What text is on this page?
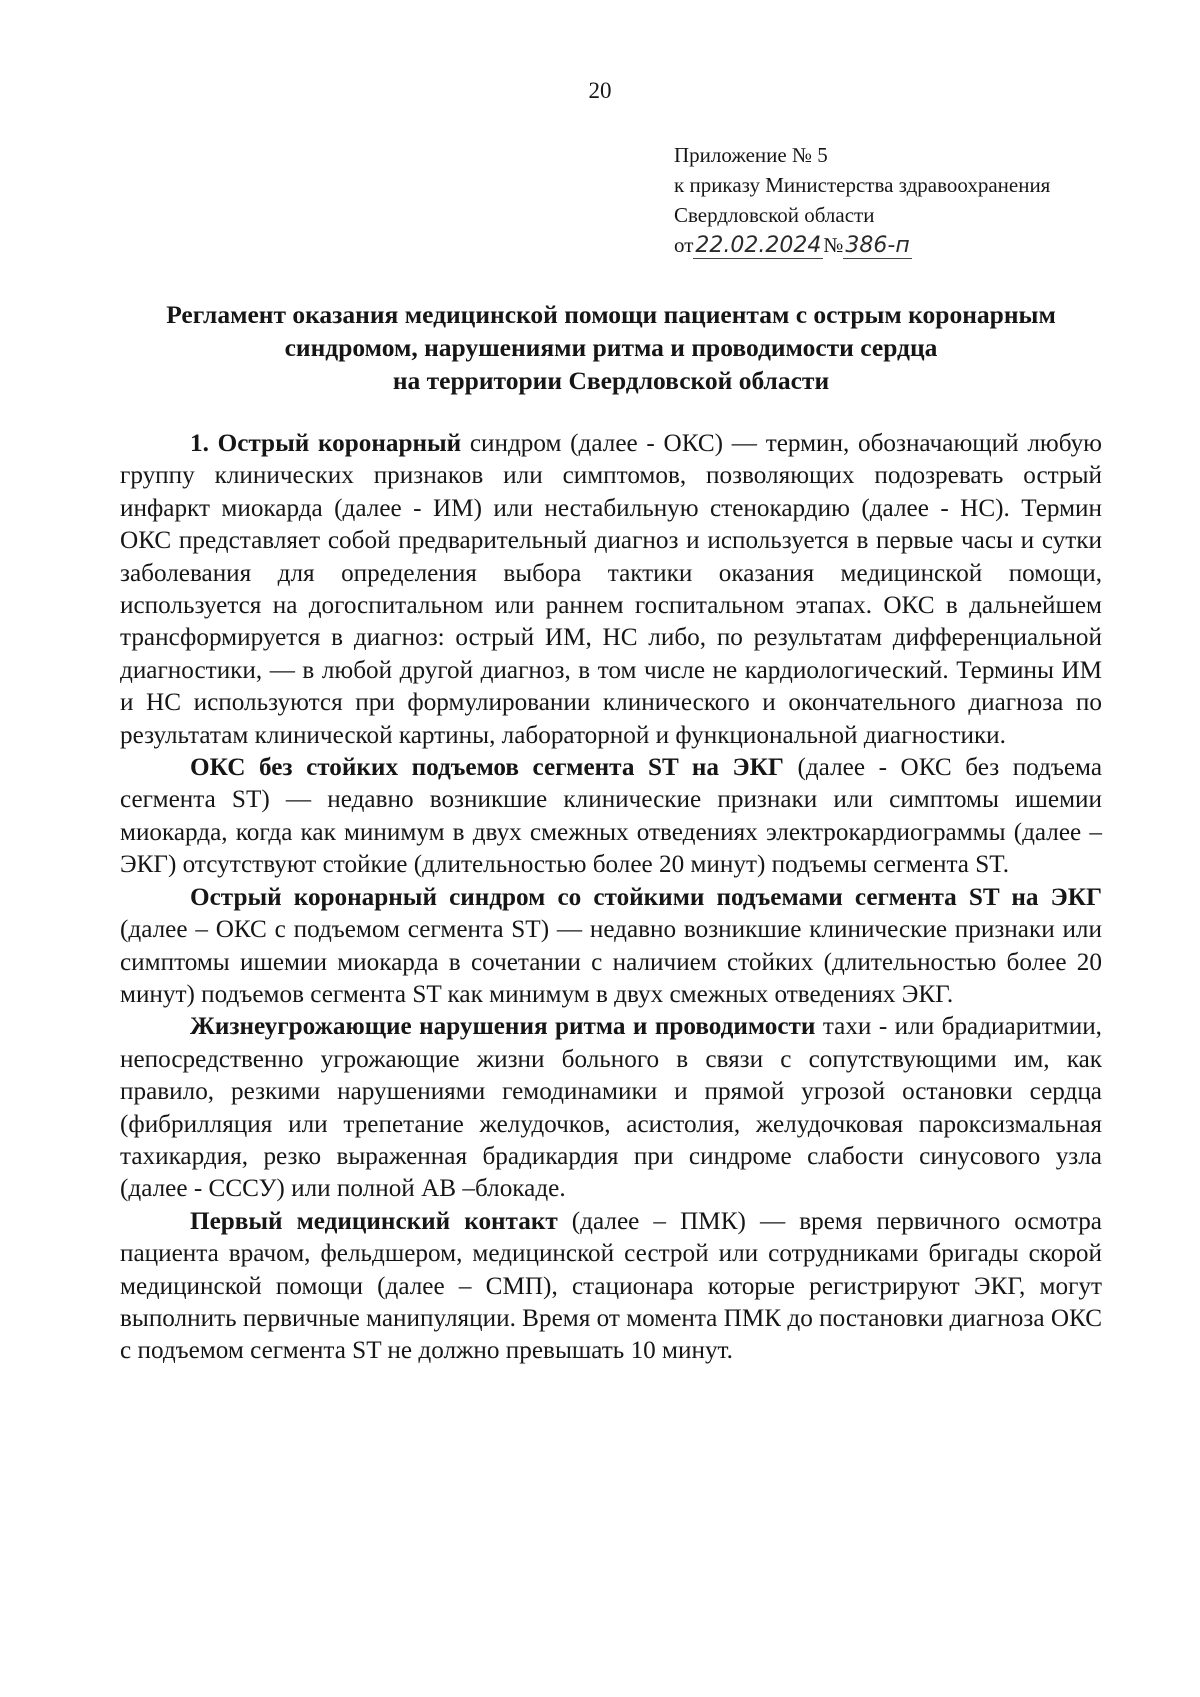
20
Приложение № 5
к приказу Министерства здравоохранения
Свердловской области
от22.02.2024№386-п
Регламент оказания медицинской помощи пациентам с острым коронарным
синдромом, нарушениями ритма и проводимости сердца
на территории Свердловской области

1. Острый коронарный синдром (далее - ОКС) — термин, обозначающий любую группу клинических признаков или симптомов, позволяющих подозревать острый инфаркт миокарда (далее - ИМ) или нестабильную стенокардию (далее - НС). Термин ОКС представляет собой предварительный диагноз и используется в первые часы и сутки заболевания для определения выбора тактики оказания медицинской помощи, используется на догоспитальном или раннем госпитальном этапах. ОКС в дальнейшем трансформируется в диагноз: острый ИМ, НС либо, по результатам дифференциальной диагностики, — в любой другой диагноз, в том числе не кардиологический. Термины ИМ и НС используются при формулировании клинического и окончательного диагноза по результатам клинической картины, лабораторной и функциональной диагностики.

ОКС без стойких подъемов сегмента ST на ЭКГ (далее - ОКС без подъема сегмента ST) — недавно возникшие клинические признаки или симптомы ишемии миокарда, когда как минимум в двух смежных отведениях электрокардиограммы (далее – ЭКГ) отсутствуют стойкие (длительностью более 20 минут) подъемы сегмента ST.

Острый коронарный синдром со стойкими подъемами сегмента ST на ЭКГ (далее – ОКС с подъемом сегмента ST) — недавно возникшие клинические признаки или симптомы ишемии миокарда в сочетании с наличием стойких (длительностью более 20 минут) подъемов сегмента ST как минимум в двух смежных отведениях ЭКГ.

Жизнеугрожающие нарушения ритма и проводимости тахи - или брадиаритмии, непосредственно угрожающие жизни больного в связи с сопутствующими им, как правило, резкими нарушениями гемодинамики и прямой угрозой остановки сердца (фибрилляция или трепетание желудочков, асистолия, желудочковая пароксизмальная тахикардия, резко выраженная брадикардия при синдроме слабости синусового узла (далее - СССУ) или полной АВ –блокаде.

Первый медицинский контакт (далее – ПМК) — время первичного осмотра пациента врачом, фельдшером, медицинской сестрой или сотрудниками бригады скорой медицинской помощи (далее – СМП), стационара которые регистрируют ЭКГ, могут выполнить первичные манипуляции. Время от момента ПМК до постановки диагноза ОКС с подъемом сегмента ST не должно превышать 10 минут.
